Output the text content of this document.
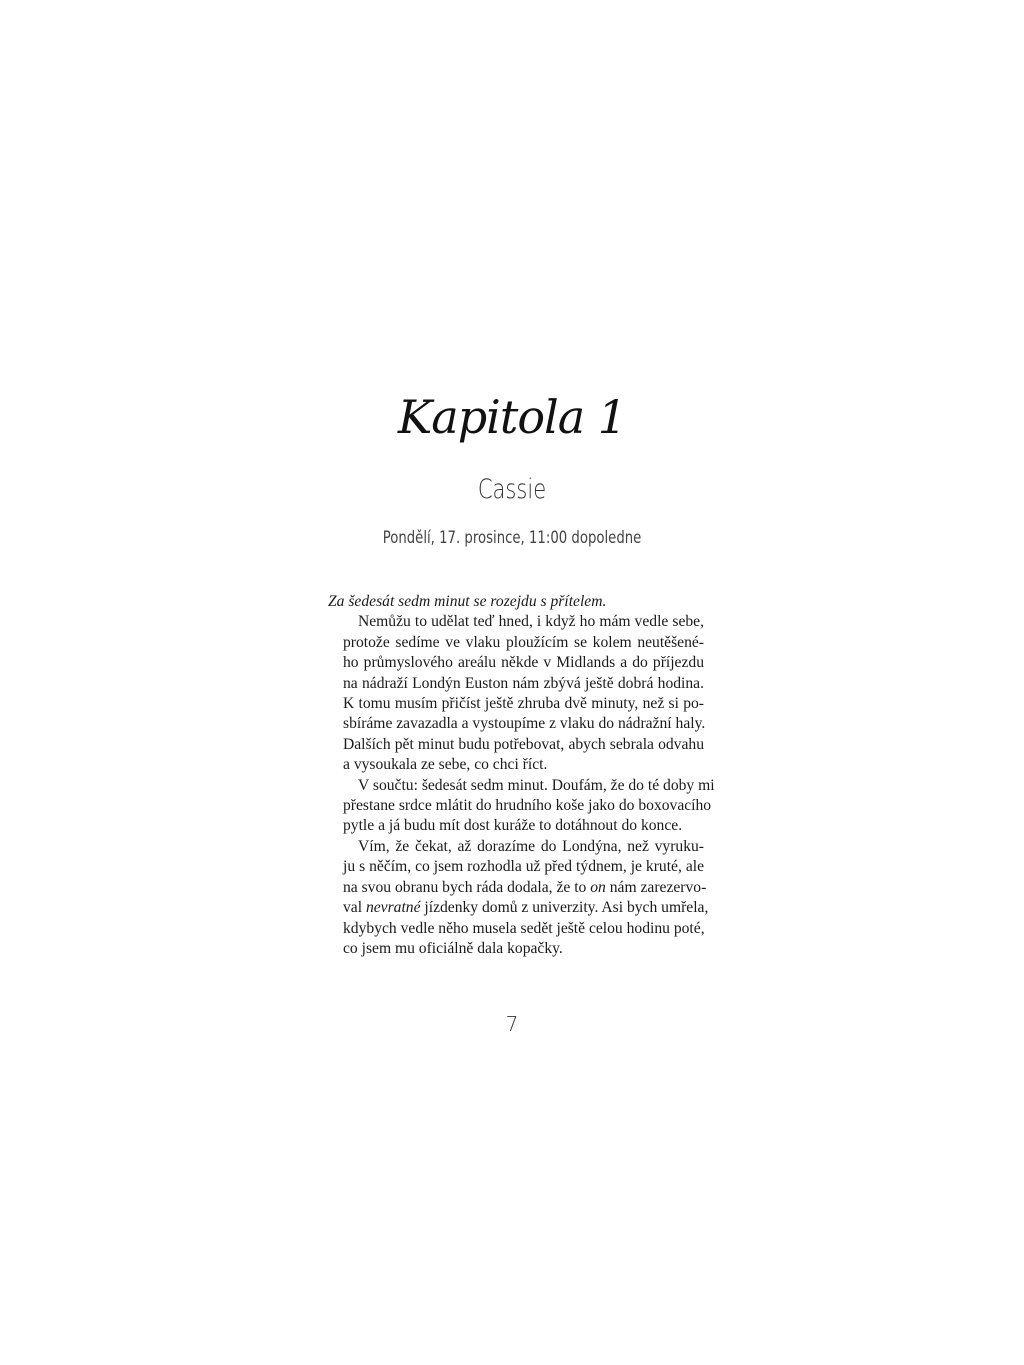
Kapitola 1
Cassie
Pondělí, 17. prosince, 11:00 dopoledne

Za šedesát sedm minut se rozejdu s přítelem.

Nemůžu to udělat teď hned, i když ho mám vedle sebe,
protože sedíme ve vlaku ploužícím se kolem neutěšené-
ho průmyslového areálu někde v Midlands a do příjezdu
na nádraží Londýn Euston nám zbývá ještě dobrá hodina.
K tomu musím přičíst ještě zhruba dvě minuty, než si po-
sbíráme zavazadla a vystoupíme z vlaku do nádražní haly.
Dalších pět minut budu potřebovat, abych sebrala odvahu
a vysoukala ze sebe, co chci říct.

V součtu: šedesát sedm minut. Doufám, že do té doby mi
přestane srdce mlátit do hrudního koše jako do boxovacího
pytle a já budu mít dost kuráže to dotáhnout do konce.

Vím, že čekat, až dorazíme do Londýna, než vyruku-
ju s něčím, co jsem rozhodla už před týdnem, je kruté, ale
na svou obranu bych ráda dodala, že to on nám zarezervo-
val nevratné jízdenky domů z univerzity. Asi bych umřela,
kdybych vedle něho musela sedět ještě celou hodinu poté,
co jsem mu oficiálně dala kopačky.

7
